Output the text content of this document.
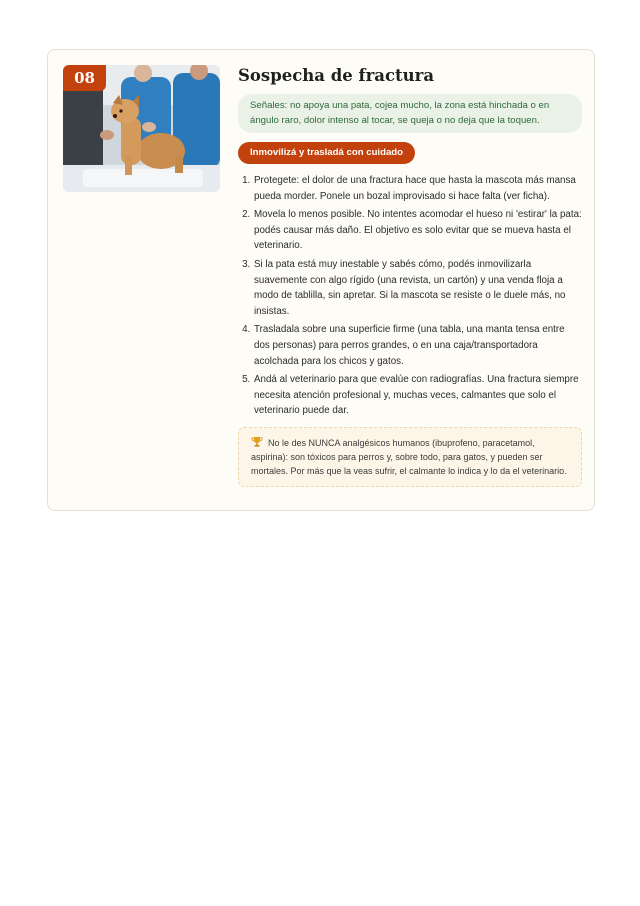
08	Sospecha de fractura
Señales: no apoya una pata, cojea mucho, la zona está hinchada o en ángulo raro, dolor intenso al tocar, se queja o no deja que la toquen.
Inmovilizá y trasladá con cuidado
1. Protegete: el dolor de una fractura hace que hasta la mascota más mansa pueda morder. Ponele un bozal improvisado si hace falta (ver ficha).
2. Movela lo menos posible. No intentes acomodar el hueso ni 'estirar' la pata: podés causar más daño. El objetivo es solo evitar que se mueva hasta el veterinario.
3. Si la pata está muy inestable y sabés cómo, podés inmovilizarla suavemente con algo rígido (una revista, un cartón) y una venda floja a modo de tablilla, sin apretar. Si la mascota se resiste o le duele más, no insistas.
4. Trasladala sobre una superficie firme (una tabla, una manta tensa entre dos personas) para perros grandes, o en una caja/transportadora acolchada para los chicos y gatos.
5. Andá al veterinario para que evalúe con radiografías. Una fractura siempre necesita atención profesional y, muchas veces, calmantes que solo el veterinario puede dar.
No le des NUNCA analgésicos humanos (ibuprofeno, paracetamol, aspirina): son tóxicos para perros y, sobre todo, para gatos, y pueden ser mortales. Por más que la veas sufrir, el calmante lo indica y lo da el veterinario.
